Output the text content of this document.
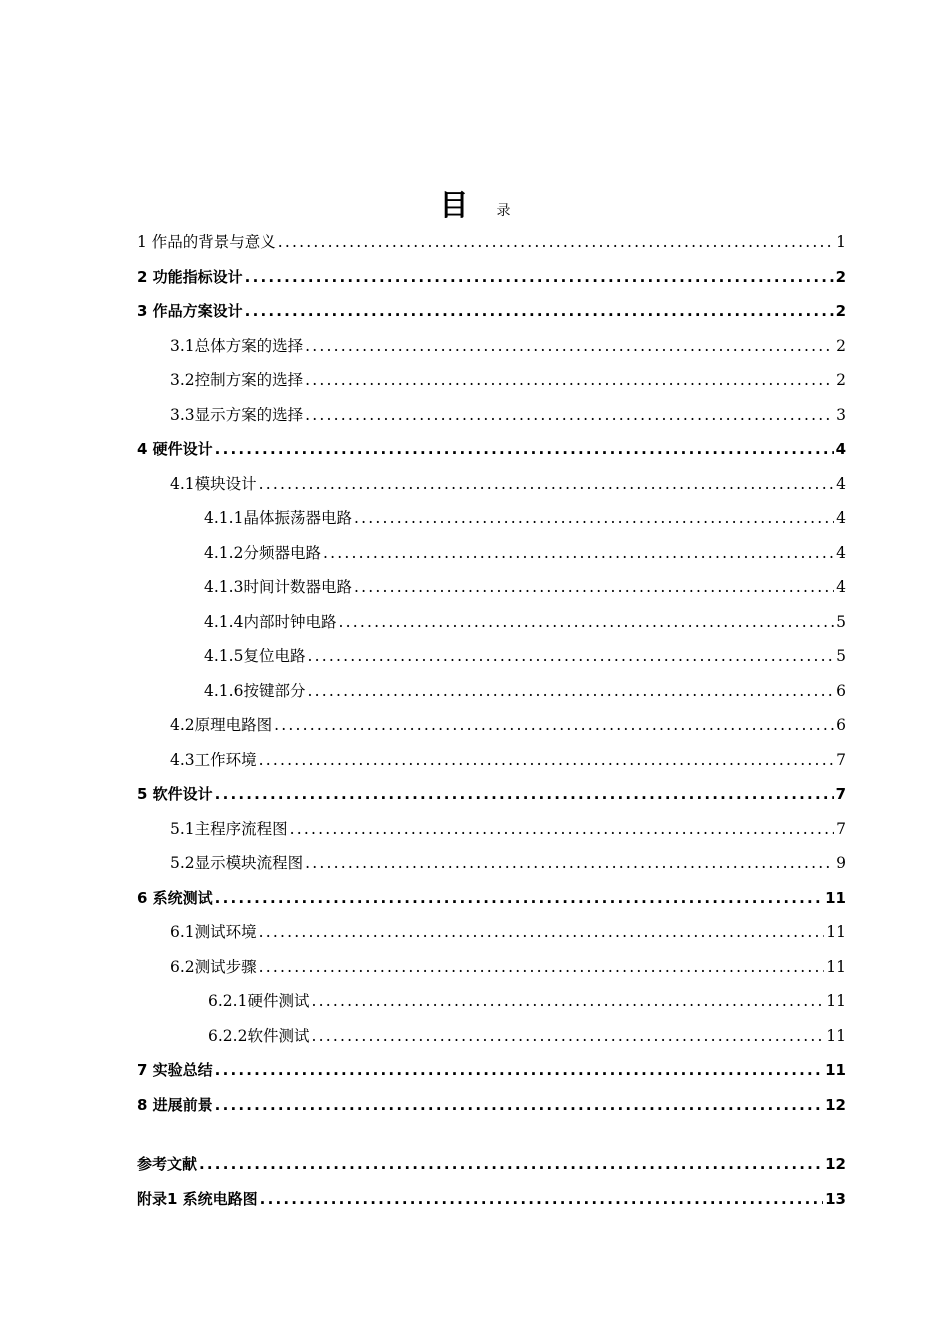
目 录
1 作品的背景与意义 .....	1
2 功能指标设计 .....	2
3 作品方案设计 .....	2
3.1总体方案的选择 .....	2
3.2控制方案的选择 .....	2
3.3显示方案的选择 .....	3
4 硬件设计 .....	4
4.1模块设计 .....	4
4.1.1晶体振荡器电路 .....	4
4.1.2分频器电路 .....	4
4.1.3时间计数器电路 .....	4
4.1.4内部时钟电路 .....	5
4.1.5复位电路 .....	5
4.1.6按键部分 .....	6
4.2原理电路图 .....	6
4.3工作环境 .....	7
5 软件设计 .....	7
5.1主程序流程图 .....	7
5.2显示模块流程图 .....	9
6 系统测试 .....	11
6.1测试环境 .....	11
6.2测试步骤 .....	11
6.2.1硬件测试 .....	11
6.2.2软件测试 .....	11
7 实验总结 .....	11
8 进展前景 .....	12
参考文献 .....	12
附录1 系统电路图 .....	13
